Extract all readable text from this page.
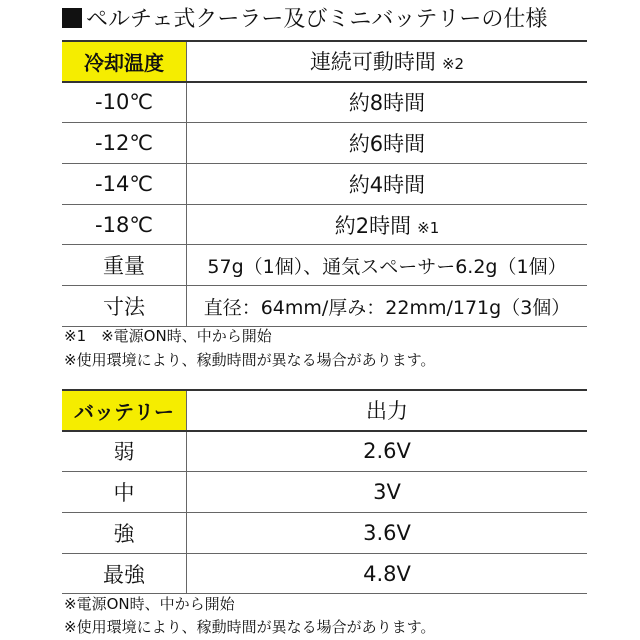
ペルチェ式クーラー及びミニバッテリーの仕様
冷却温度	連続可動時間 ※2
-10℃	約8時間
-12℃	約6時間
-14℃	約4時間
-18℃	約2時間 ※1
重量	57g（1個）、通気スペーサー6.2g（1個）
寸法	直径：64mm/厚み：22mm/171g（3個）
※1　※電源ON時、中から開始
※使用環境により、稼動時間が異なる場合があります。
バッテリー	出力
弱	2.6V
中	3V
強	3.6V
最強	4.8V
※電源ON時、中から開始
※使用環境により、稼動時間が異なる場合があります。
